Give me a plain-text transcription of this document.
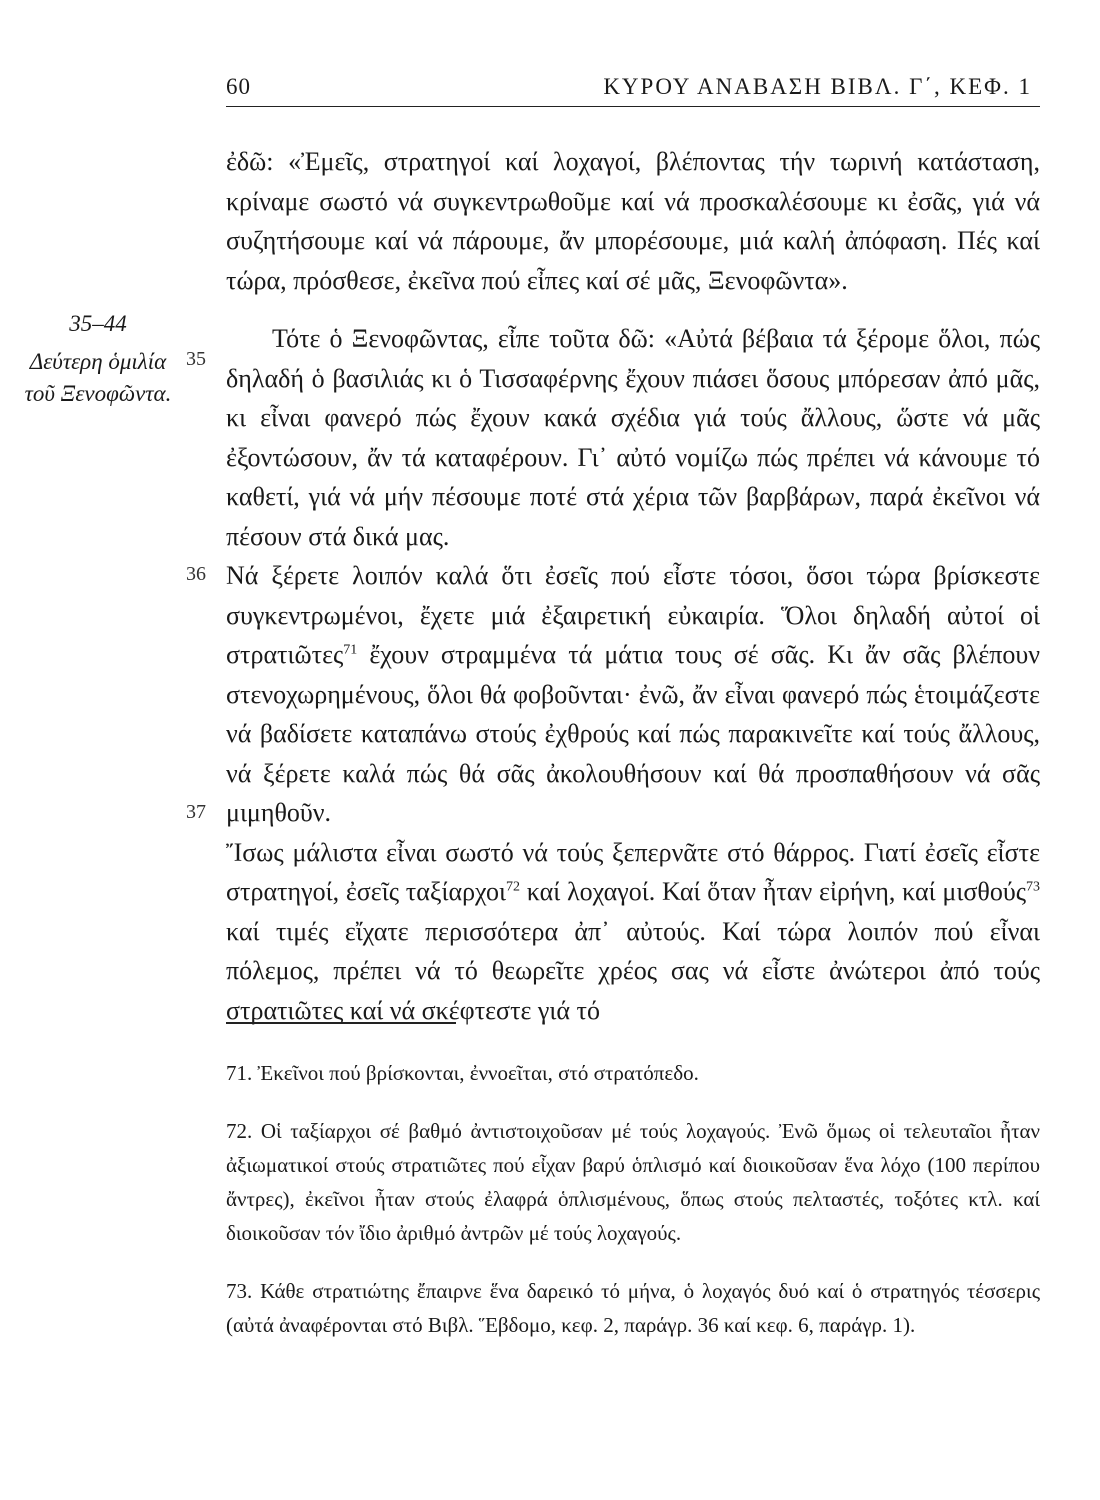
60	ΚΥΡΟΥ ΑΝΑΒΑΣΗ ΒΙΒΛ. Γ΄, ΚΕΦ. 1
35–44
Δεύτερη ὁμιλία τοῦ Ξενοφῶντα.
35
36
37

ἐδῶ: «Ἐμεῖς, στρατηγοί καί λοχαγοί, βλέποντας τήν τωρινή κατάσταση, κρίναμε σωστό νά συγκεντρωθοῦμε καί νά προσκαλέσουμε κι ἐσᾶς, γιά νά συζητήσουμε καί νά πάρουμε, ἄν μπορέσουμε, μιά καλή ἀπόφαση. Πές καί τώρα, πρόσθεσε, ἐκεῖνα πού εἶπες καί σέ μᾶς, Ξενοφῶντα».

Τότε ὁ Ξενοφῶντας, εἶπε τοῦτα δῶ: «Αὐτά βέβαια τά ξέρομε ὅλοι, πώς δηλαδή ὁ βασιλιάς κι ὁ Τισσαφέρνης ἔχουν πιάσει ὅσους μπόρεσαν ἀπό μᾶς, κι εἶναι φανερό πώς ἔχουν κακά σχέδια γιά τούς ἄλλους, ὥστε νά μᾶς ἐξοντώσουν, ἄν τά καταφέρουν. Γι᾽ αὐτό νομίζω πώς πρέπει νά κάνουμε τό καθετί, γιά νά μήν πέσουμε ποτέ στά χέρια τῶν βαρβάρων, παρά ἐκεῖνοι νά πέσουν στά δικά μας.

Νά ξέρετε λοιπόν καλά ὅτι ἐσεῖς πού εἶστε τόσοι, ὅσοι τώρα βρίσκεστε συγκεντρωμένοι, ἔχετε μιά ἐξαιρετική εὐκαιρία. Ὅλοι δηλαδή αὐτοί οἱ στρατιῶτες$^{71}$ ἔχουν στραμμένα τά μάτια τους σέ σᾶς. Κι ἄν σᾶς βλέπουν στενοχωρημένους, ὅλοι θά φοβοῦνται· ἐνῶ, ἄν εἶναι φανερό πώς ἑτοιμάζεστε νά βαδίσετε καταπάνω στούς ἐχθρούς καί πώς παρακινεῖτε καί τούς ἄλλους, νά ξέρετε καλά πώς θά σᾶς ἀκολουθήσουν καί θά προσπαθήσουν νά σᾶς μιμηθοῦν.

Ἴσως μάλιστα εἶναι σωστό νά τούς ξεπερνᾶτε στό θάρρος. Γιατί ἐσεῖς εἶστε στρατηγοί, ἐσεῖς ταξίαρχοι$^{72}$ καί λοχαγοί. Καί ὅταν ἦταν εἰρήνη, καί μισθούς$^{73}$ καί τιμές εἴχατε περισσότερα ἀπ᾽ αὐτούς. Καί τώρα λοιπόν πού εἶναι πόλεμος, πρέπει νά τό θεωρεῖτε χρέος σας νά εἶστε ἀνώτεροι ἀπό τούς στρατιῶτες καί νά σκέφτεστε γιά τό

71. Ἐκεῖνοι πού βρίσκονται, ἐννοεῖται, στό στρατόπεδο.

72. Οἱ ταξίαρχοι σέ βαθμό ἀντιστοιχοῦσαν μέ τούς λοχαγούς. Ἐνῶ ὅμως οἱ τελευταῖοι ἦταν ἀξιωματικοί στούς στρατιῶτες πού εἶχαν βαρύ ὁπλισμό καί διοικοῦσαν ἕνα λόχο (100 περίπου ἄντρες), ἐκεῖνοι ἦταν στούς ἐλαφρά ὁπλισμένους, ὅπως στούς πελταστές, τοξότες κτλ. καί διοικοῦσαν τόν ἴδιο ἀριθμό ἀντρῶν μέ τούς λοχαγούς.

73. Κάθε στρατιώτης ἔπαιρνε ἕνα δαρεικό τό μήνα, ὁ λοχαγός δυό καί ὁ στρατηγός τέσσερις (αὐτά ἀναφέρονται στό Βιβλ. Ἕβδομο, κεφ. 2, παράγρ. 36 καί κεφ. 6, παράγρ. 1).
